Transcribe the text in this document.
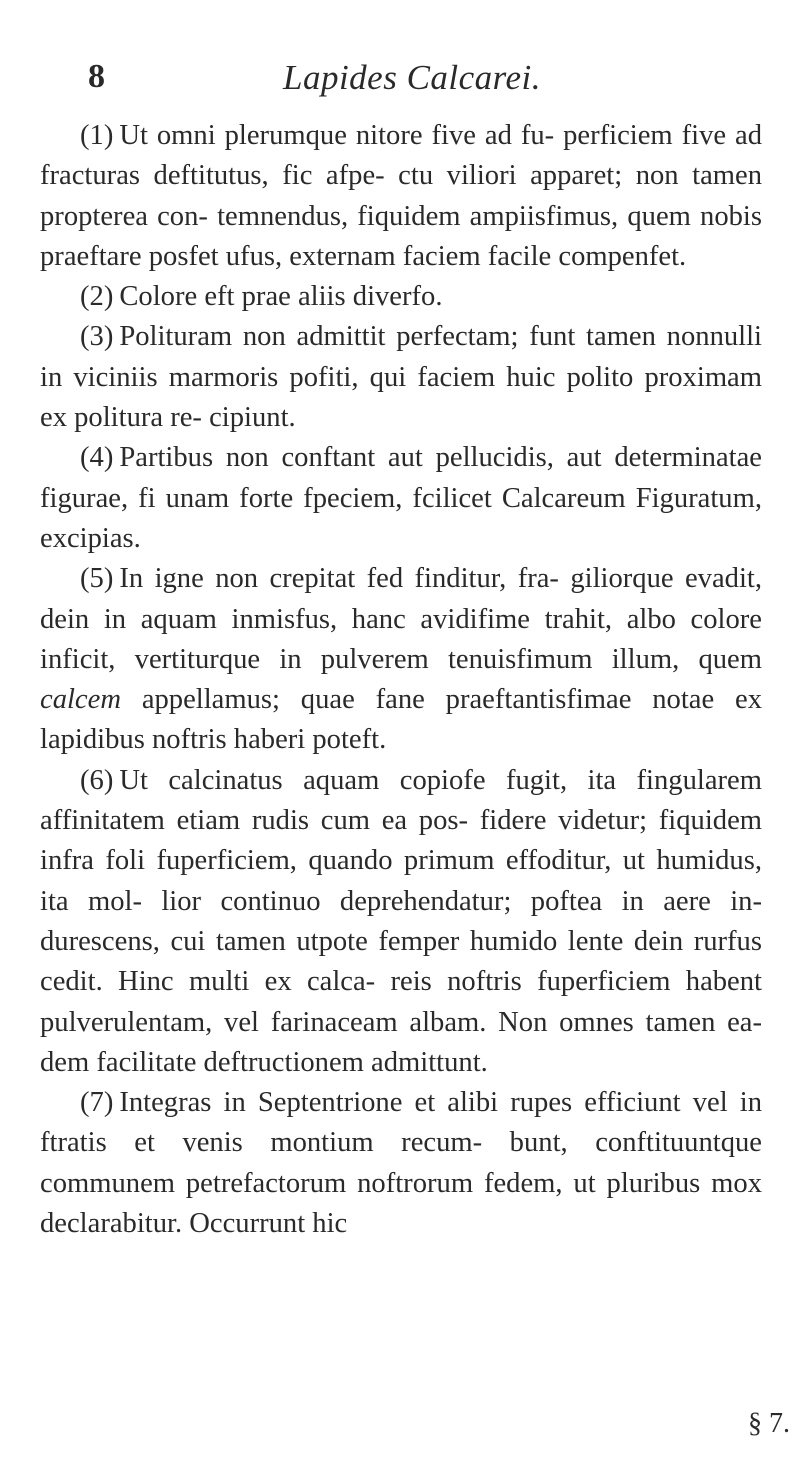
8	Lapides Calcarei.

(1) Ut omni plerumque nitore five ad fu- perficiem five ad fracturas deftitutus, fic afpe- ctu viliori apparet; non tamen propterea con- temnendus, fiquidem ampiisfimus, quem nobis praeftare posfet ufus, externam faciem facile compenfet.

(2) Colore eft prae aliis diverfo.

(3) Polituram non admittit perfectam; funt tamen nonnulli in viciniis marmoris pofiti, qui faciem huic polito proximam ex politura re- cipiunt.

(4) Partibus non conftant aut pellucidis, aut determinatae figurae, fi unam forte fpeciem, fcilicet Calcareum Figuratum, excipias.

(5) In igne non crepitat fed finditur, fra- giliorque evadit, dein in aquam inmisfus, hanc avidifime trahit, albo colore inficit, vertiturque in pulverem tenuisfimum illum, quem calcem appellamus; quae fane praeftantisfimae notae ex lapidibus noftris haberi poteft.

(6) Ut calcinatus aquam copiofe fugit, ita fingularem affinitatem etiam rudis cum ea pos- fidere videtur; fiquidem infra foli fuperficiem, quando primum effoditur, ut humidus, ita mol- lior continuo deprehendatur; poftea in aere in- durescens, cui tamen utpote femper humido lente dein rurfus cedit. Hinc multi ex calca- reis noftris fuperficiem habent pulverulentam, vel farinaceam albam. Non omnes tamen ea- dem facilitate deftructionem admittunt.

(7) Integras in Septentrione et alibi rupes efficiunt vel in ftratis et venis montium recum- bunt, conftituuntque communem petrefactorum noftrorum fedem, ut pluribus mox declarabitur. Occurrunt hic

§ 7.
